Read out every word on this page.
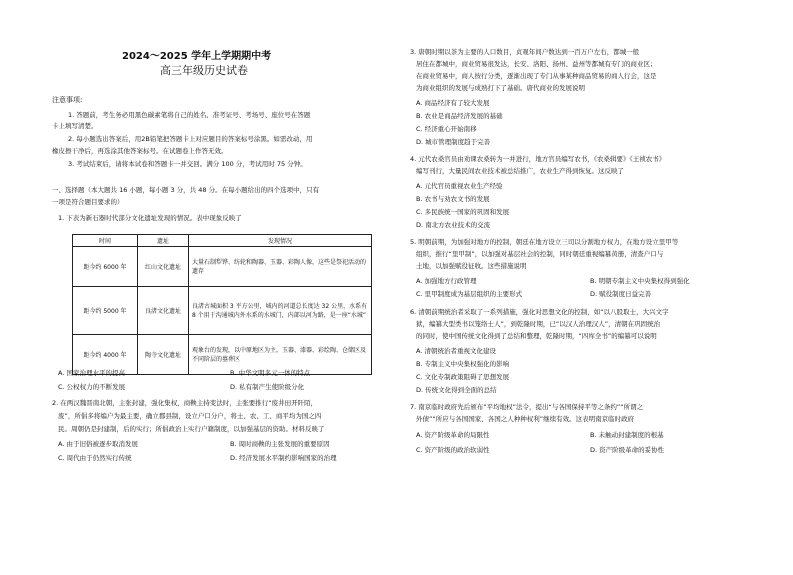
2024～2025 学年上学期期中考
高三年级历史试卷
注意事项:
1. 答题前，考生务必用黑色碳素笔将自己的姓名、准考证号、考场号、座位号在答题
卡上填写清楚。
2. 每小题选出答案后，用2B铅笔把答题卡上对应题目的答案标号涂黑。如需改动，用
橡皮擦干净后，再选涂其他答案标号。在试题卷上作答无效。
3. 考试结束后，请将本试卷和答题卡一并交回。满分 100 分，考试用时 75 分钟。
一、选择题（本大题共 16 小题，每小题 3 分，共 48 分。在每小题给出的四个选项中，只有
一项是符合题目要求的）
1. 下表为新石器时代部分文化遗址发现的情况。表中现象反映了
时间	遗址	发现情况
距今约 6000 年	红山文化遗址	大量石制犁铧、纺轮和陶器、玉器、彩陶人像，这些是祭祀活动的遗存
距今约 5000 年	良渚文化遗址	良渚古城面积 3 平方公里，城内的河道总长度达 32 公里，水系有 8 个用于沟通城内外水系的水城门，内部以河为路，是一座“水城”
距今约 4000 年	陶寺文化遗址	观象台的发现，以中原地区为主，玉器、漆器、彩绘陶、仓储区及不同阶层的墓葬区
A. 国家治理水平的提高	B. 中华文明多元一体的特点
C. 公权权力的不断发展	D. 私有制产生使阶级分化
2. 在两汉魏晋南北朝，主张封建，强化集权，商鞅主持变法时，主张要推行“废井田开阡陌，
废”，所倡多将编户为最主要，确立郡县制，设立户口分户，将士、农、工、商平均为国之四
民。周朝仍是封建制，后的实行；所倡政治上实行户籍制度，以加强基层的资助。材料反映了
A. 由于旧俗被逐步取消发展	B. 周时商鞅的主张发展的重要原因
C. 周代由于仍然实行传统	D. 经济发展水平制约影响国家的治理
3. 唐朝时期以茶为主要的人口数目，贞观年间户数达到一百万户左右，都城一般
居住在都城中，商业贸易很发达，长安、洛阳、扬州、益州等都城有专门的商业区；
在商业贸易中，商人按行分类，逐渐出现了专门从事某种商品贸易的商人行会，这是
为商业组织的发展与成熟打下了基础。唐代商业的发展说明
A. 商品经济有了较大发展
B. 农业是商品经济发展的基础
C. 经济重心开始南移
D. 城市管理制度趋于完善
4. 元代农桑官员由劝课农桑转为一并进行，地方官员编写农书，《农桑辑要》《王祯农书》
编写刊行，大量民间农业技术被总结推广，农业生产得到恢复。这反映了
A. 元代官员重视农业生产经验
B. 农书与劝农文书的发展
C. 多民族统一国家的巩固和发展
D. 南北方农业技术的交流
5. 明朝前期，为加强对地方的控制，朝廷在地方设立三司以分割地方权力，在地方设立里甲等
组织，推行“里甲制”，以加强对基层社会的控制，同时朝廷重视编纂黄册，清查户口与
土地，以加强赋役征收。这些措施说明
A. 加强地方行政管理	B. 明朝专制主义中央集权得到强化
C. 里甲制度成为基层组织的主要形式	D. 赋役制度日益完善
6. 清朝前期统治者采取了一系列措施，强化对思想文化的控制，如“以八股取士，大兴文字
狱，编纂大型类书以笼络士人”，到乾隆时期，已“以汉人治理汉人”，清朝在巩固统治
的同时，使中国传统文化得到了总结和整理，乾隆时期，“四库全书”的编纂可以说明
A. 清朝统治者重视文化建设
B. 专制主义中央集权强化的影响
C. 文化专制政策阻碍了思想发展
D. 传统文化得到全面的总结
7. 南京临时政府先后颁布“平均地权”法令，提出“与各国保持平等之条约”“所谓之
外债”“所应与各国国家、各国之人种种权利”继续有效。这表明南京临时政府
A. 资产阶级革命的局限性	B. 未触动封建制度的根基
C. 资产阶级的政治软弱性	D. 资产阶级革命的妥协性
